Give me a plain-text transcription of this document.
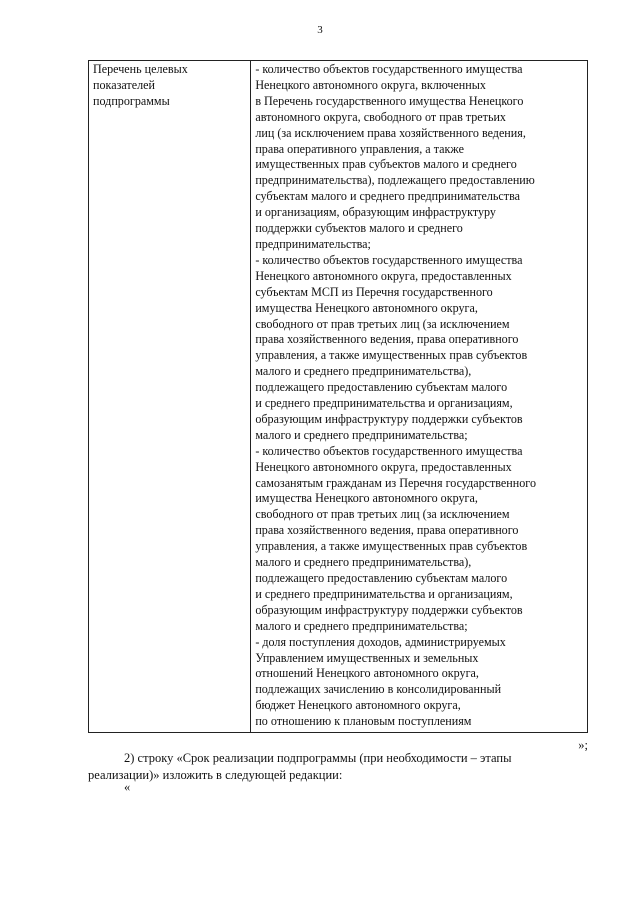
3
Перечень целевых
показателей
подпрограммы

- количество объектов государственного имущества
Ненецкого автономного округа, включенных
в Перечень государственного имущества Ненецкого
автономного округа, свободного от прав третьих
лиц (за исключением права хозяйственного ведения,
права оперативного управления, а также
имущественных прав субъектов малого и среднего
предпринимательства), подлежащего предоставлению
субъектам малого и среднего предпринимательства
и организациям, образующим инфраструктуру
поддержки субъектов малого и среднего
предпринимательства;
- количество объектов государственного имущества
Ненецкого автономного округа, предоставленных
субъектам МСП из Перечня государственного
имущества Ненецкого автономного округа,
свободного от прав третьих лиц (за исключением
права хозяйственного ведения, права оперативного
управления, а также имущественных прав субъектов
малого и среднего предпринимательства),
подлежащего предоставлению субъектам малого
и среднего предпринимательства и организациям,
образующим инфраструктуру поддержки субъектов
малого и среднего предпринимательства;
- количество объектов государственного имущества
Ненецкого автономного округа, предоставленных
самозанятым гражданам из Перечня государственного
имущества Ненецкого автономного округа,
свободного от прав третьих лиц (за исключением
права хозяйственного ведения, права оперативного
управления, а также имущественных прав субъектов
малого и среднего предпринимательства),
подлежащего предоставлению субъектам малого
и среднего предпринимательства и организациям,
образующим инфраструктуру поддержки субъектов
малого и среднего предпринимательства;
- доля поступления доходов, администрируемых
Управлением имущественных и земельных
отношений Ненецкого автономного округа,
подлежащих зачислению в консолидированный
бюджет Ненецкого автономного округа,
по отношению к плановым поступлениям
»;
2) строку «Срок реализации подпрограммы (при необходимости – этапы
реализации)» изложить в следующей редакции:
«
